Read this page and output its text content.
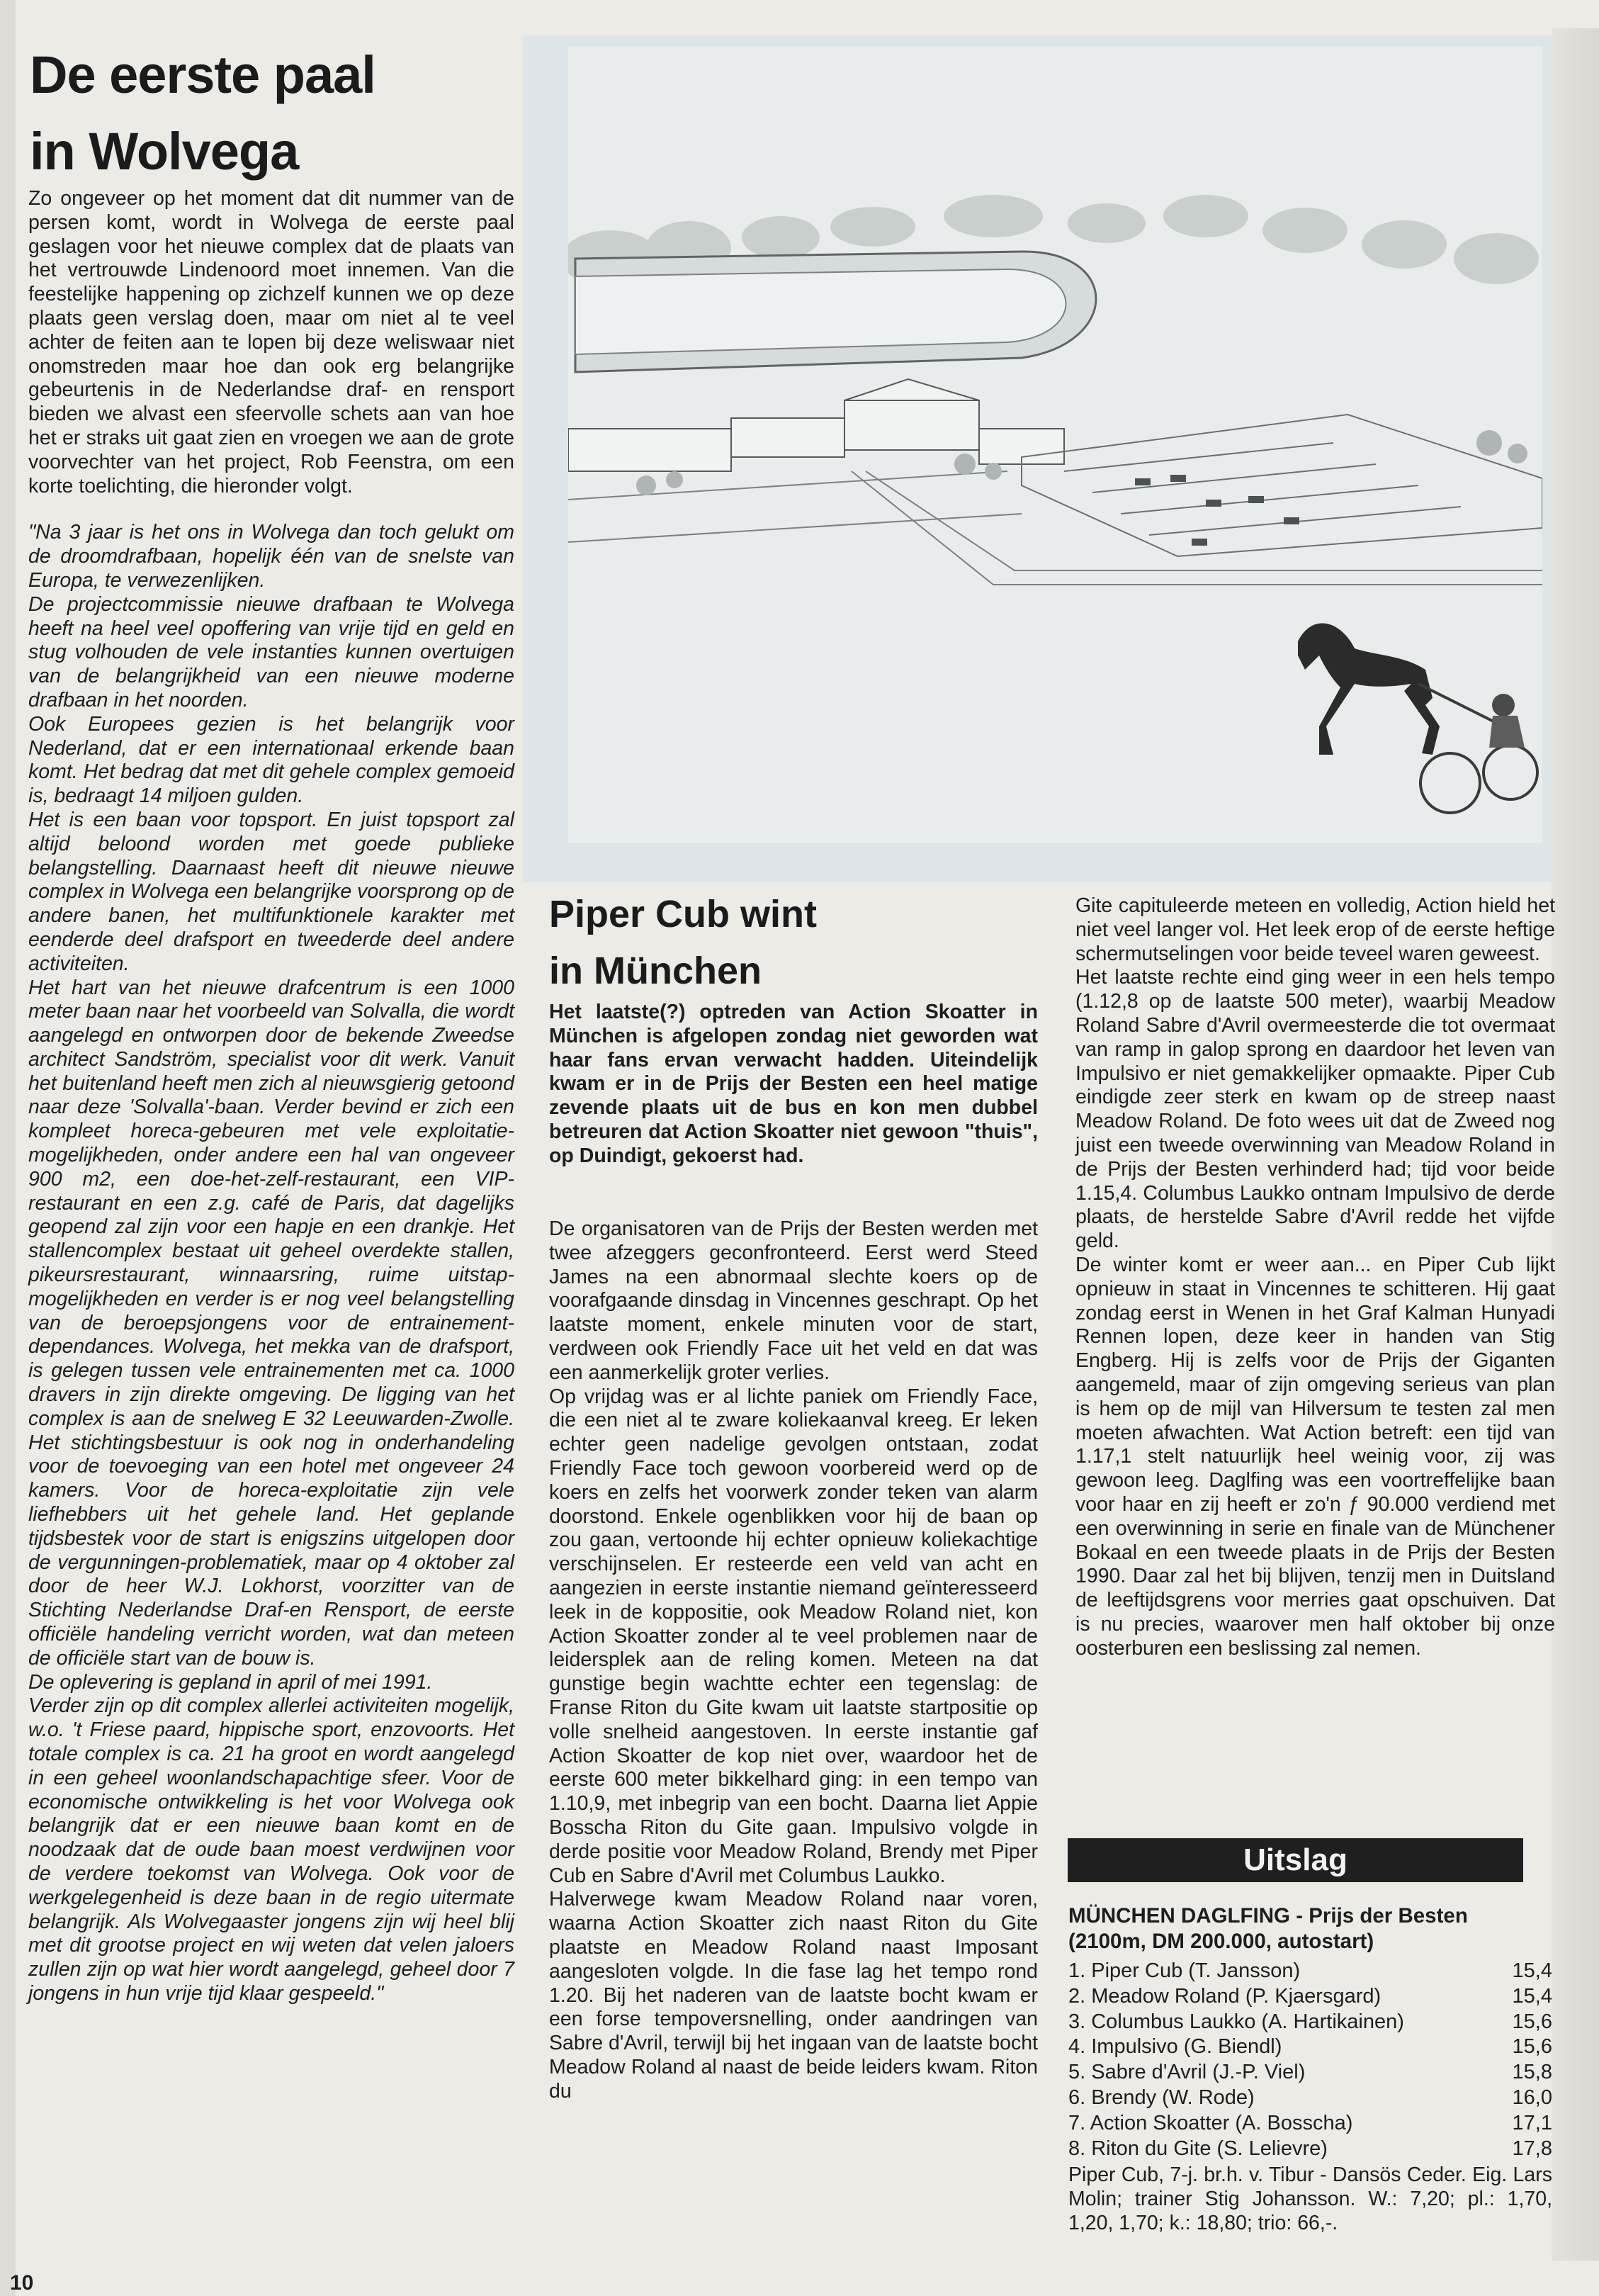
De eerste paal
in Wolvega

Zo ongeveer op het moment dat dit nummer van de persen komt, wordt in Wolvega de eerste paal geslagen voor het nieuwe complex dat de plaats van het vertrouwde Lindenoord moet innemen. Van die feestelijke happening op zichzelf kunnen we op deze plaats geen verslag doen, maar om niet al te veel achter de feiten aan te lopen bij deze weliswaar niet onomstreden maar hoe dan ook erg belangrijke gebeurtenis in de Nederlandse draf- en rensport bieden we alvast een sfeervolle schets aan van hoe het er straks uit gaat zien en vroegen we aan de grote voorvechter van het project, Rob Feenstra, om een korte toelichting, die hieronder volgt.

"Na 3 jaar is het ons in Wolvega dan toch gelukt om de droomdrafbaan, hopelijk één van de snelste van Europa, te verwezenlijken.

De projectcommissie nieuwe drafbaan te Wolvega heeft na heel veel opoffering van vrije tijd en geld en stug volhouden de vele instanties kunnen overtuigen van de belangrijkheid van een nieuwe moderne drafbaan in het noorden.

Ook Europees gezien is het belangrijk voor Nederland, dat er een internationaal erkende baan komt. Het bedrag dat met dit gehele complex gemoeid is, bedraagt 14 miljoen gulden.

Het is een baan voor topsport. En juist topsport zal altijd beloond worden met goede publieke belangstelling. Daarnaast heeft dit nieuwe nieuwe complex in Wolvega een belangrijke voorsprong op de andere banen, het multifunktionele karakter met eenderde deel drafsport en tweederde deel andere activiteiten.

Het hart van het nieuwe drafcentrum is een 1000 meter baan naar het voorbeeld van Solvalla, die wordt aangelegd en ontworpen door de bekende Zweedse architect Sandström, specialist voor dit werk. Vanuit het buitenland heeft men zich al nieuwsgierig getoond naar deze 'Solvalla'-baan. Verder bevind er zich een kompleet horeca-gebeuren met vele exploitatie-mogelijkheden, onder andere een hal van ongeveer 900 m2, een doe-het-zelf-restaurant, een VIP-restaurant en een z.g. café de Paris, dat dagelijks geopend zal zijn voor een hapje en een drankje. Het stallencomplex bestaat uit geheel overdekte stallen, pikeursrestaurant, winnaarsring, ruime uitstap-mogelijkheden en verder is er nog veel belangstelling van de beroepsjongens voor de entrainement-dependances. Wolvega, het mekka van de drafsport, is gelegen tussen vele entrainementen met ca. 1000 dravers in zijn direkte omgeving. De ligging van het complex is aan de snelweg E 32 Leeuwarden-Zwolle. Het stichtingsbestuur is ook nog in onderhandeling voor de toevoeging van een hotel met ongeveer 24 kamers. Voor de horeca-exploitatie zijn vele liefhebbers uit het gehele land. Het geplande tijdsbestek voor de start is enigszins uitgelopen door de vergunningen-problematiek, maar op 4 oktober zal door de heer W.J. Lokhorst, voorzitter van de Stichting Nederlandse Draf-en Rensport, de eerste officiële handeling verricht worden, wat dan meteen de officiële start van de bouw is.

De oplevering is gepland in april of mei 1991.

Verder zijn op dit complex allerlei activiteiten mogelijk, w.o. 't Friese paard, hippische sport, enzovoorts. Het totale complex is ca. 21 ha groot en wordt aangelegd in een geheel woonlandschapachtige sfeer. Voor de economische ontwikkeling is het voor Wolvega ook belangrijk dat er een nieuwe baan komt en de noodzaak dat de oude baan moest verdwijnen voor de verdere toekomst van Wolvega. Ook voor de werkgelegenheid is deze baan in de regio uitermate belangrijk. Als Wolvegaaster jongens zijn wij heel blij met dit grootse project en wij weten dat velen jaloers zullen zijn op wat hier wordt aangelegd, geheel door 7 jongens in hun vrije tijd klaar gespeeld."

Piper Cub wint
in München

Het laatste(?) optreden van Action Skoatter in München is afgelopen zondag niet geworden wat haar fans ervan verwacht hadden. Uiteindelijk kwam er in de Prijs der Besten een heel matige zevende plaats uit de bus en kon men dubbel betreuren dat Action Skoatter niet gewoon "thuis", op Duindigt, gekoerst had.

De organisatoren van de Prijs der Besten werden met twee afzeggers geconfronteerd. Eerst werd Steed James na een abnormaal slechte koers op de voorafgaande dinsdag in Vincennes geschrapt. Op het laatste moment, enkele minuten voor de start, verdween ook Friendly Face uit het veld en dat was een aanmerkelijk groter verlies.

Op vrijdag was er al lichte paniek om Friendly Face, die een niet al te zware koliekaanval kreeg. Er leken echter geen nadelige gevolgen ontstaan, zodat Friendly Face toch gewoon voorbereid werd op de koers en zelfs het voorwerk zonder teken van alarm doorstond. Enkele ogenblikken voor hij de baan op zou gaan, vertoonde hij echter opnieuw koliekachtige verschijnselen. Er resteerde een veld van acht en aangezien in eerste instantie niemand geïnteresseerd leek in de koppositie, ook Meadow Roland niet, kon Action Skoatter zonder al te veel problemen naar de leidersplek aan de reling komen. Meteen na dat gunstige begin wachtte echter een tegenslag: de Franse Riton du Gite kwam uit laatste startpositie op volle snelheid aangestoven. In eerste instantie gaf Action Skoatter de kop niet over, waardoor het de eerste 600 meter bikkelhard ging: in een tempo van 1.10,9, met inbegrip van een bocht. Daarna liet Appie Bosscha Riton du Gite gaan. Impulsivo volgde in derde positie voor Meadow Roland, Brendy met Piper Cub en Sabre d'Avril met Columbus Laukko.

Halverwege kwam Meadow Roland naar voren, waarna Action Skoatter zich naast Riton du Gite plaatste en Meadow Roland naast Imposant aangesloten volgde. In die fase lag het tempo rond 1.20. Bij het naderen van de laatste bocht kwam er een forse tempoversnelling, onder aandringen van Sabre d'Avril, terwijl bij het ingaan van de laatste bocht Meadow Roland al naast de beide leiders kwam. Riton du

Gite capituleerde meteen en volledig, Action hield het niet veel langer vol. Het leek erop of de eerste heftige schermutselingen voor beide teveel waren geweest.

Het laatste rechte eind ging weer in een hels tempo (1.12,8 op de laatste 500 meter), waarbij Meadow Roland Sabre d'Avril overmeesterde die tot overmaat van ramp in galop sprong en daardoor het leven van Impulsivo er niet gemakkelijker opmaakte. Piper Cub eindigde zeer sterk en kwam op de streep naast Meadow Roland. De foto wees uit dat de Zweed nog juist een tweede overwinning van Meadow Roland in de Prijs der Besten verhinderd had; tijd voor beide 1.15,4. Columbus Laukko ontnam Impulsivo de derde plaats, de herstelde Sabre d'Avril redde het vijfde geld.

De winter komt er weer aan... en Piper Cub lijkt opnieuw in staat in Vincennes te schitteren. Hij gaat zondag eerst in Wenen in het Graf Kalman Hunyadi Rennen lopen, deze keer in handen van Stig Engberg. Hij is zelfs voor de Prijs der Giganten aangemeld, maar of zijn omgeving serieus van plan is hem op de mijl van Hilversum te testen zal men moeten afwachten. Wat Action betreft: een tijd van 1.17,1 stelt natuurlijk heel weinig voor, zij was gewoon leeg. Daglfing was een voortreffelijke baan voor haar en zij heeft er zo'n ƒ 90.000 verdiend met een overwinning in serie en finale van de Münchener Bokaal en een tweede plaats in de Prijs der Besten 1990. Daar zal het bij blijven, tenzij men in Duitsland de leeftijdsgrens voor merries gaat opschuiven. Dat is nu precies, waarover men half oktober bij onze oosterburen een beslissing zal nemen.

Uitslag

MÜNCHEN DAGLFING - Prijs der Besten (2100m, DM 200.000, autostart)

1. Piper Cub (T. Jansson)	15,4
2. Meadow Roland (P. Kjaersgard)	15,4
3. Columbus Laukko (A. Hartikainen)	15,6
4. Impulsivo (G. Biendl)	15,6
5. Sabre d'Avril (J.-P. Viel)	15,8
6. Brendy (W. Rode)	16,0
7. Action Skoatter (A. Bosscha)	17,1
8. Riton du Gite (S. Lelievre)	17,8

Piper Cub, 7-j. br.h. v. Tibur - Dansös Ceder. Eig. Lars Molin; trainer Stig Johansson. W.: 7,20; pl.: 1,70, 1,20, 1,70; k.: 18,80; trio: 66,-.

10
